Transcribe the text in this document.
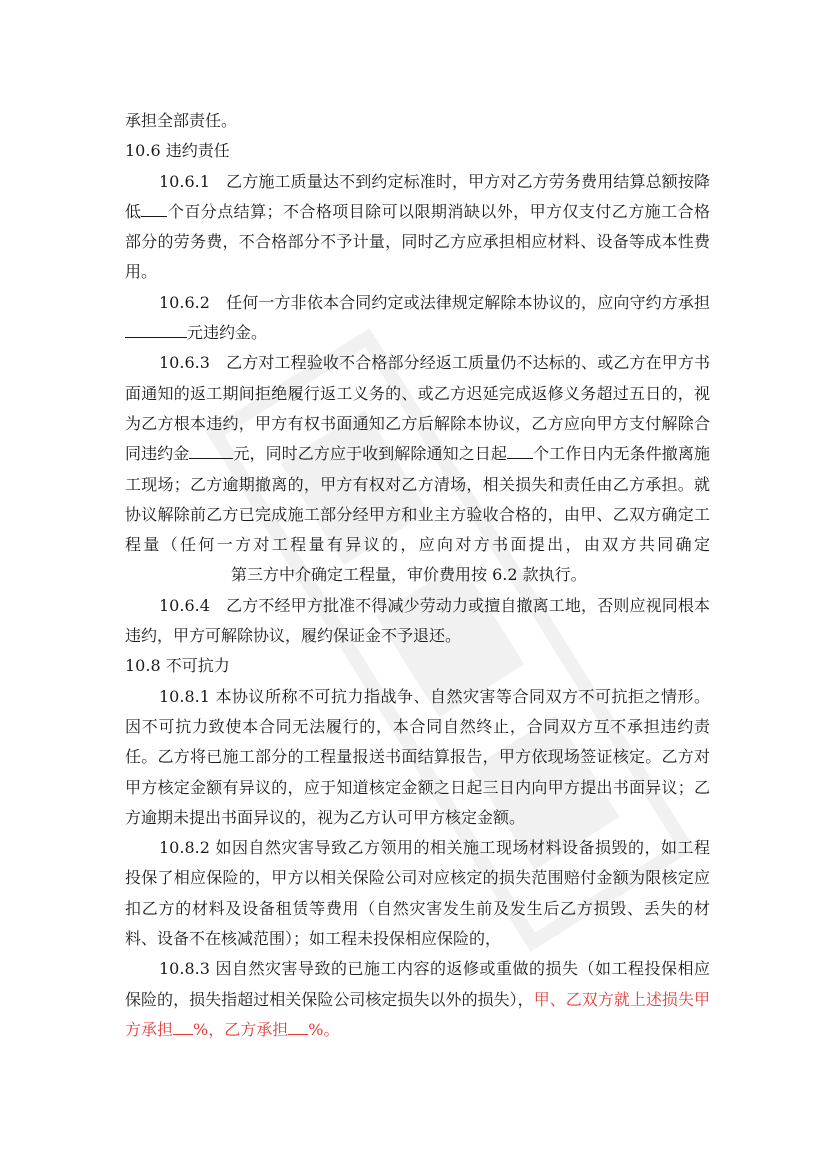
承担全部责任。

10.6 违约责任

10.6.1　乙方施工质量达不到约定标准时，甲方对乙方劳务费用结算总额按降低 个百分点结算；不合格项目除可以限期消缺以外，甲方仅支付乙方施工合格部分的劳务费，不合格部分不予计量，同时乙方应承担相应材料、设备等成本性费用。

10.6.2　任何一方非依本合同约定或法律规定解除本协议的，应向守约方承担元违约金。

10.6.3　乙方对工程验收不合格部分经返工质量仍不达标的、或乙方在甲方书面通知的返工期间拒绝履行返工义务的、或乙方迟延完成返修义务超过五日的，视为乙方根本违约，甲方有权书面通知乙方后解除本协议，乙方应向甲方支付解除合同违约金	元，同时乙方应于收到解除通知之日起 个工作日内无条件撤离施工现场；乙方逾期撤离的，甲方有权对乙方清场，相关损失和责任由乙方承担。就协议解除前乙方已完成施工部分经甲方和业主方验收合格的，由甲、乙双方确定工程量（任何一方对工程量有异议的，应向对方书面提出，由双方共同确定第三方中介确定工程量，审价费用按 6.2 款执行。

10.6.4　乙方不经甲方批准不得减少劳动力或擅自撤离工地，否则应视同根本违约，甲方可解除协议，履约保证金不予退还。

10.8 不可抗力

10.8.1 本协议所称不可抗力指战争、自然灾害等合同双方不可抗拒之情形。因不可抗力致使本合同无法履行的，本合同自然终止，合同双方互不承担违约责任。乙方将已施工部分的工程量报送书面结算报告，甲方依现场签证核定。乙方对甲方核定金额有异议的，应于知道核定金额之日起三日内向甲方提出书面异议；乙方逾期未提出书面异议的，视为乙方认可甲方核定金额。

10.8.2 如因自然灾害导致乙方领用的相关施工现场材料设备损毁的，如工程投保了相应保险的，甲方以相关保险公司对应核定的损失范围赔付金额为限核定应扣乙方的材料及设备租赁等费用（自然灾害发生前及发生后乙方损毁、丢失的材料、设备不在核减范围）；如工程未投保相应保险的，

10.8.3 因自然灾害导致的已施工内容的返修或重做的损失（如工程投保相应保险的，损失指超过相关保险公司核定损失以外的损失），甲、乙双方就上述损失甲方承担 %，乙方承担 %。
